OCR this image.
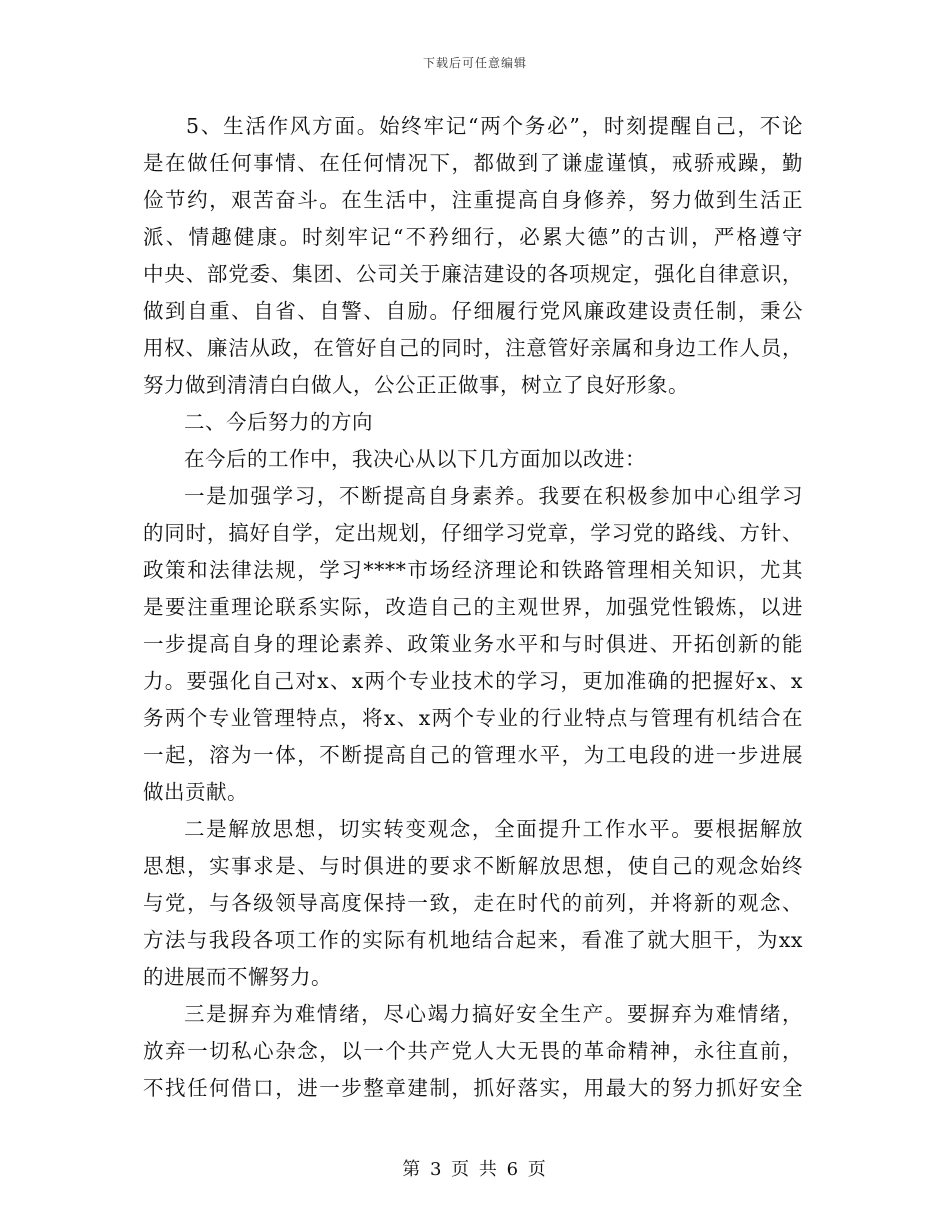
下载后可任意编辑
5、生活作风方面。始终牢记“两个务必”，时刻提醒自己，不论
是在做任何事情、在任何情况下，都做到了谦虚谨慎，戒骄戒躁，勤
俭节约，艰苦奋斗。在生活中，注重提高自身修养，努力做到生活正
派、情趣健康。时刻牢记“不矜细行，必累大德”的古训，严格遵守
中央、部党委、集团、公司关于廉洁建设的各项规定，强化自律意识，
做到自重、自省、自警、自励。仔细履行党风廉政建设责任制，秉公
用权、廉洁从政，在管好自己的同时，注意管好亲属和身边工作人员，
努力做到清清白白做人，公公正正做事，树立了良好形象。
二、今后努力的方向
在今后的工作中，我决心从以下几方面加以改进：
一是加强学习，不断提高自身素养。我要在积极参加中心组学习
的同时，搞好自学，定出规划，仔细学习党章，学习党的路线、方针、
政策和法律法规，学习****市场经济理论和铁路管理相关知识，尤其
是要注重理论联系实际，改造自己的主观世界，加强党性锻炼，以进
一步提高自身的理论素养、政策业务水平和与时俱进、开拓创新的能
力。要强化自己对x、x两个专业技术的学习，更加准确的把握好x、x
务两个专业管理特点，将x、x两个专业的行业特点与管理有机结合在
一起，溶为一体，不断提高自己的管理水平，为工电段的进一步进展
做出贡献。
二是解放思想，切实转变观念，全面提升工作水平。要根据解放
思想，实事求是、与时俱进的要求不断解放思想，使自己的观念始终
与党，与各级领导高度保持一致，走在时代的前列，并将新的观念、
方法与我段各项工作的实际有机地结合起来，看准了就大胆干，为xx
的进展而不懈努力。
三是摒弃为难情绪，尽心竭力搞好安全生产。要摒弃为难情绪，
放弃一切私心杂念，以一个共产党人大无畏的革命精神，永往直前，
不找任何借口，进一步整章建制，抓好落实，用最大的努力抓好安全
第 3 页 共 6 页
